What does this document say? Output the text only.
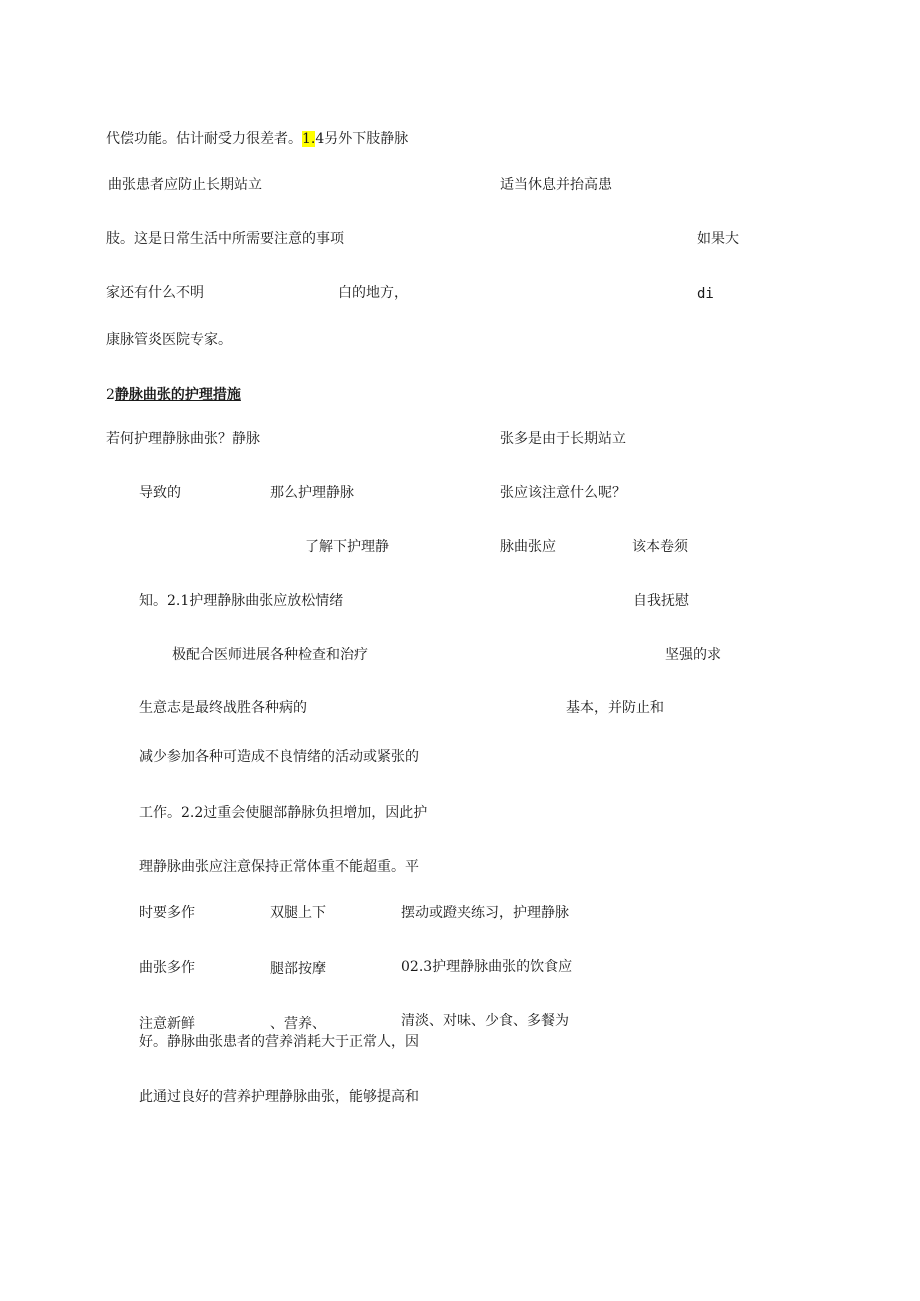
代偿功能。估计耐受力很差者。1.4另外下肢静脉
曲张患者应防止长期站立	适当休息并抬高患
肢。这是日常生活中所需要注意的事项	如果大
家还有什么不明	白的地方，	di
康脉管炎医院专家。
2静脉曲张的护理措施
若何护理静脉曲张？静脉	张多是由于长期站立
导致的	那么护理静脉	张应该注意什么呢？
了解下护理静	脉曲张应	该本卷须
知。2.1护理静脉曲张应放松情绪	自我抚慰
极配合医师进展各种检查和治疗	坚强的求
生意志是最终战胜各种病的	基本，并防止和
减少参加各种可造成不良情绪的活动或紧张的
工作。2.2过重会使腿部静脉负担增加，因此护
理静脉曲张应注意保持正常体重不能超重。平
时要多作	双腿上下	摆动或蹬夹练习，护理静脉
曲张多作	腿部按摩	02.3护理静脉曲张的饮食应
注意新鲜	、营养、	清淡、对味、少食、多餐为
好。静脉曲张患者的营养消耗大于正常人，因
此通过良好的营养护理静脉曲张，能够提高和
